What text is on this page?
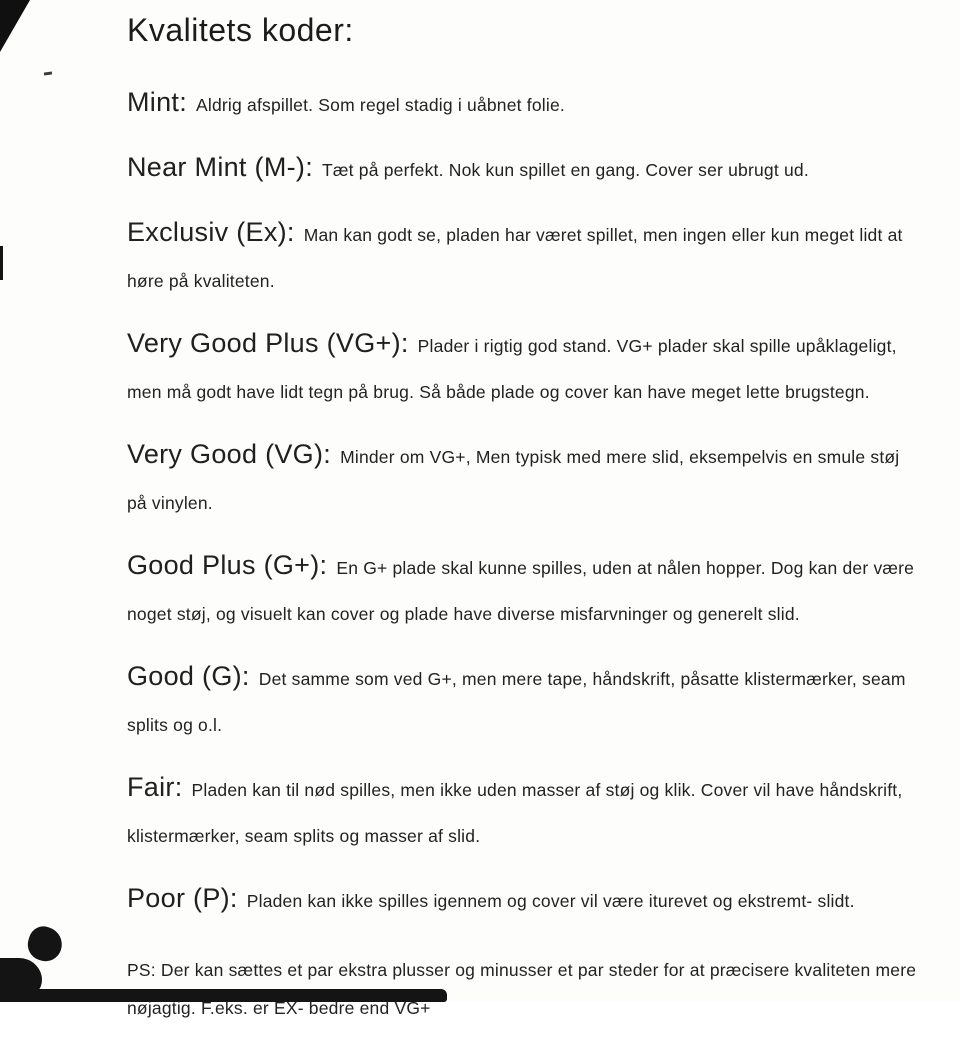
Kvalitets koder:

Mint: Aldrig afspillet. Som regel stadig i uåbnet folie.

Near Mint (M-): Tæt på perfekt. Nok kun spillet en gang. Cover ser ubrugt ud.

Exclusiv (Ex): Man kan godt se, pladen har været spillet, men ingen eller kun meget lidt at høre på kvaliteten.

Very Good Plus (VG+): Plader i rigtig god stand. VG+ plader skal spille upåklageligt, men må godt have lidt tegn på brug. Så både plade og cover kan have meget lette brugstegn.

Very Good (VG): Minder om VG+, Men typisk med mere slid, eksempelvis en smule støj på vinylen.

Good Plus (G+): En G+ plade skal kunne spilles, uden at nålen hopper. Dog kan der være noget støj, og visuelt kan cover og plade have diverse misfarvninger og generelt slid.

Good (G): Det samme som ved G+, men mere tape, håndskrift, påsatte klistermærker, seam splits og o.l.

Fair: Pladen kan til nød spilles, men ikke uden masser af støj og klik. Cover vil have håndskrift, klistermærker, seam splits og masser af slid.

Poor (P): Pladen kan ikke spilles igennem og cover vil være iturevet og ekstremt- slidt.

PS: Der kan sættes et par ekstra plusser og minusser et par steder for at præcisere kvaliteten mere nøjagtig. F.eks. er EX- bedre end VG+
